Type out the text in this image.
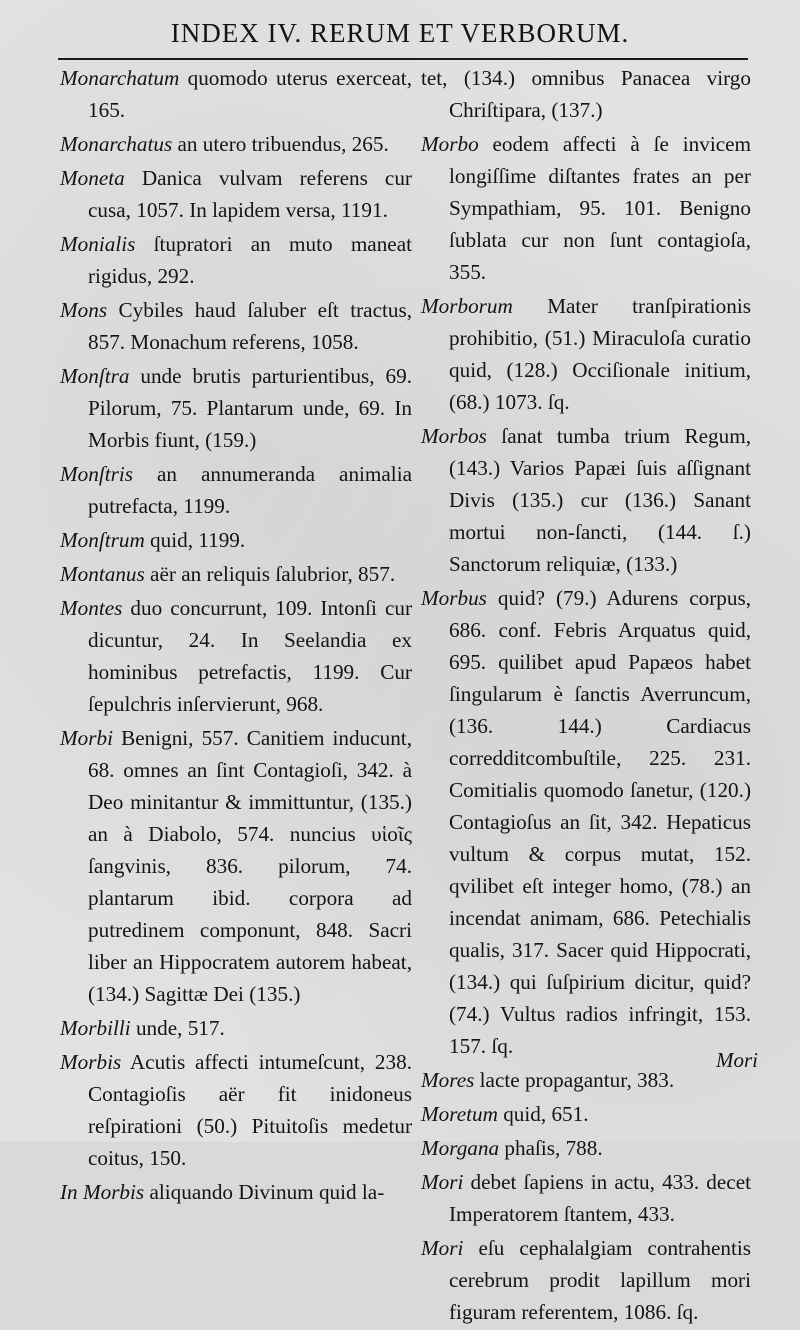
INDEX IV. RERUM ET VERBORUM.
Monarchatum quomodo uterus exerceat, 165.
Monarchatus an utero tribuendus, 265.
Moneta Danica vulvam referens cur cusa, 1057. In lapidem versa, 1191.
Monialis ſtupratori an muto maneat rigidus, 292.
Mons Cybiles haud ſaluber eſt tractus, 857. Monachum referens, 1058.
Monſtra unde brutis parturientibus, 69. Pilorum, 75. Plantarum unde, 69. In Morbis fiunt, (159.)
Monſtris an annumeranda animalia putrefacta, 1199.
Monſtrum quid, 1199.
Montanus aër an reliquis ſalubrior, 857.
Montes duo concurrunt, 109. Intonſi cur dicuntur, 24. In Seelandia ex hominibus petrefactis, 1199. Cur ſepulchris inſervierunt, 968.
Morbi Benigni, 557. Canitiem inducunt, 68. omnes an ſint Contagioſi, 342. à Deo minitantur & immittuntur, (135.) an à Diabolo, 574. nuncius υἱοῖς ſangvinis, 836. pilorum, 74. plantarum ibid. corpora ad putredinem componunt, 848. Sacri liber an Hippocratem autorem habeat, (134.) Sagittæ Dei (135.)
Morbilli unde, 517.
Morbis Acutis affecti intumeſcunt, 238. Contagioſis aër fit inidoneus reſpirationi (50.) Pituitoſis medetur coitus, 150.
In Morbis aliquando Divinum quid la-
tet, (134.) omnibus Panacea virgo Chriſtipara, (137.)
Morbo eodem affecti à ſe invicem longiſſime diſtantes frates an per Sympathiam, 95. 101. Benigno ſublata cur non ſunt contagioſa, 355.
Morborum Mater tranſpirationis prohibitio, (51.) Miraculoſa curatio quid, (128.) Occiſionale initium, (68.) 1073. ſq.
Morbos ſanat tumba trium Regum, (143.) Varios Papæi ſuis aſſignant Divis (135.) cur (136.) Sanant mortui non-ſancti, (144. ſ.) Sanctorum reliquiæ, (133.)
Morbus quid? (79.) Adurens corpus, 686. conf. Febris Arquatus quid, 695. quilibet apud Papæos habet ſingularum è ſanctis Averruncum, (136. 144.) Cardiacus corredditcombuſtile, 225. 231. Comitialis quomodo ſanetur, (120.) Contagioſus an ſit, 342. Hepaticus vultum & corpus mutat, 152. qvilibet eſt integer homo, (78.) an incendat animam, 686. Petechialis qualis, 317. Sacer quid Hippocrati, (134.) qui ſuſpirium dicitur, quid? (74.) Vultus radios infringit, 153. 157. ſq.
Mores lacte propagantur, 383.
Moretum quid, 651.
Morgana phaſis, 788.
Mori debet ſapiens in actu, 433. decet Imperatorem ſtantem, 433.
Mori eſu cephalalgiam contrahentis cerebrum prodit lapillum mori figuram referentem, 1086. ſq.
Mori
